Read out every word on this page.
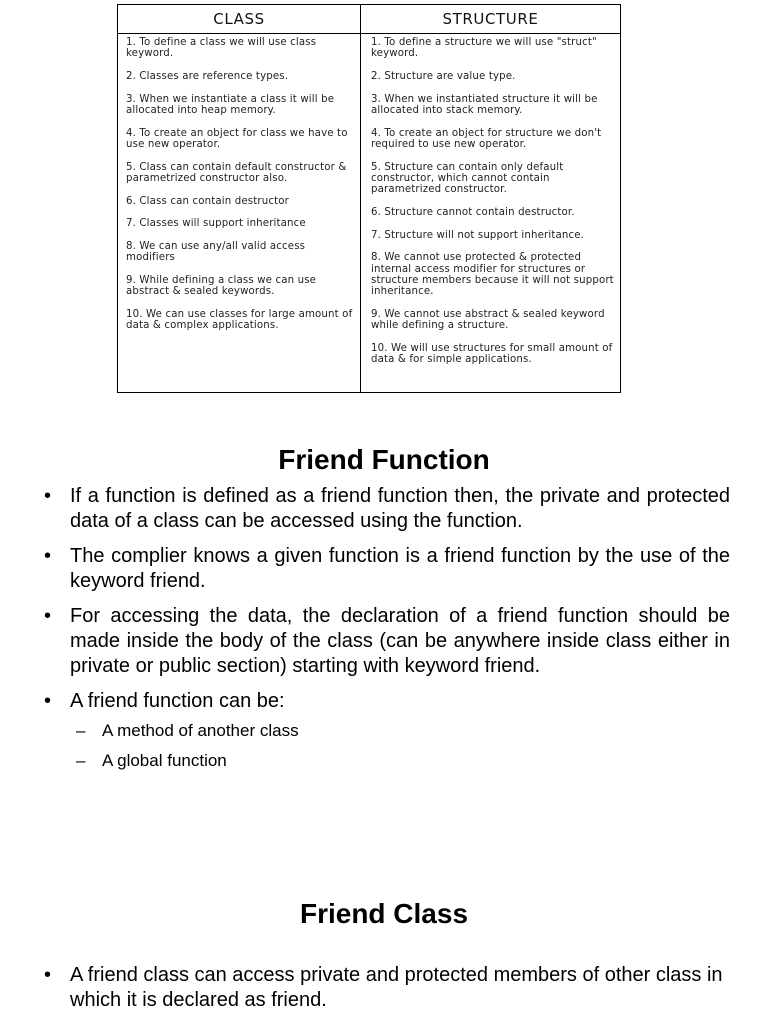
CLASS
1. To define a class we will use class keyword.
2. Classes are reference types.
3. When we instantiate a class it will be allocated into heap memory.
4. To create an object for class we have to use new operator.
5. Class can contain default constructor & parametrized constructor also.
6. Class can contain destructor
7. Classes will support inheritance
8. We can use any/all valid access modifiers
9. While defining a class we can use abstract & sealed keywords.
10. We can use classes for large amount of data & complex applications.
STRUCTURE
1. To define a structure we will use "struct" keyword.
2. Structure are value type.
3. When we instantiated structure it will be allocated into stack memory.
4. To create an object for structure we don't required to use new operator.
5. Structure can contain only default constructor, which cannot contain parametrized constructor.
6. Structure cannot contain destructor.
7. Structure will not support inheritance.
8. We cannot use protected & protected internal access modifier for structures or structure members because it will not support inheritance.
9. We cannot use abstract & sealed keyword while defining a structure.
10. We will use structures for small amount of data & for simple applications.
Friend Function
• If a function is defined as a friend function then, the private and protected data of a class can be accessed using the function.
• The complier knows a given function is a friend function by the use of the keyword friend.
• For accessing the data, the declaration of a friend function should be made inside the body of the class (can be anywhere inside class either in private or public section) starting with keyword friend.
• A friend function can be:
– A method of another class
– A global function
Friend Class
• A friend class can access private and protected members of other class in which it is declared as friend.
